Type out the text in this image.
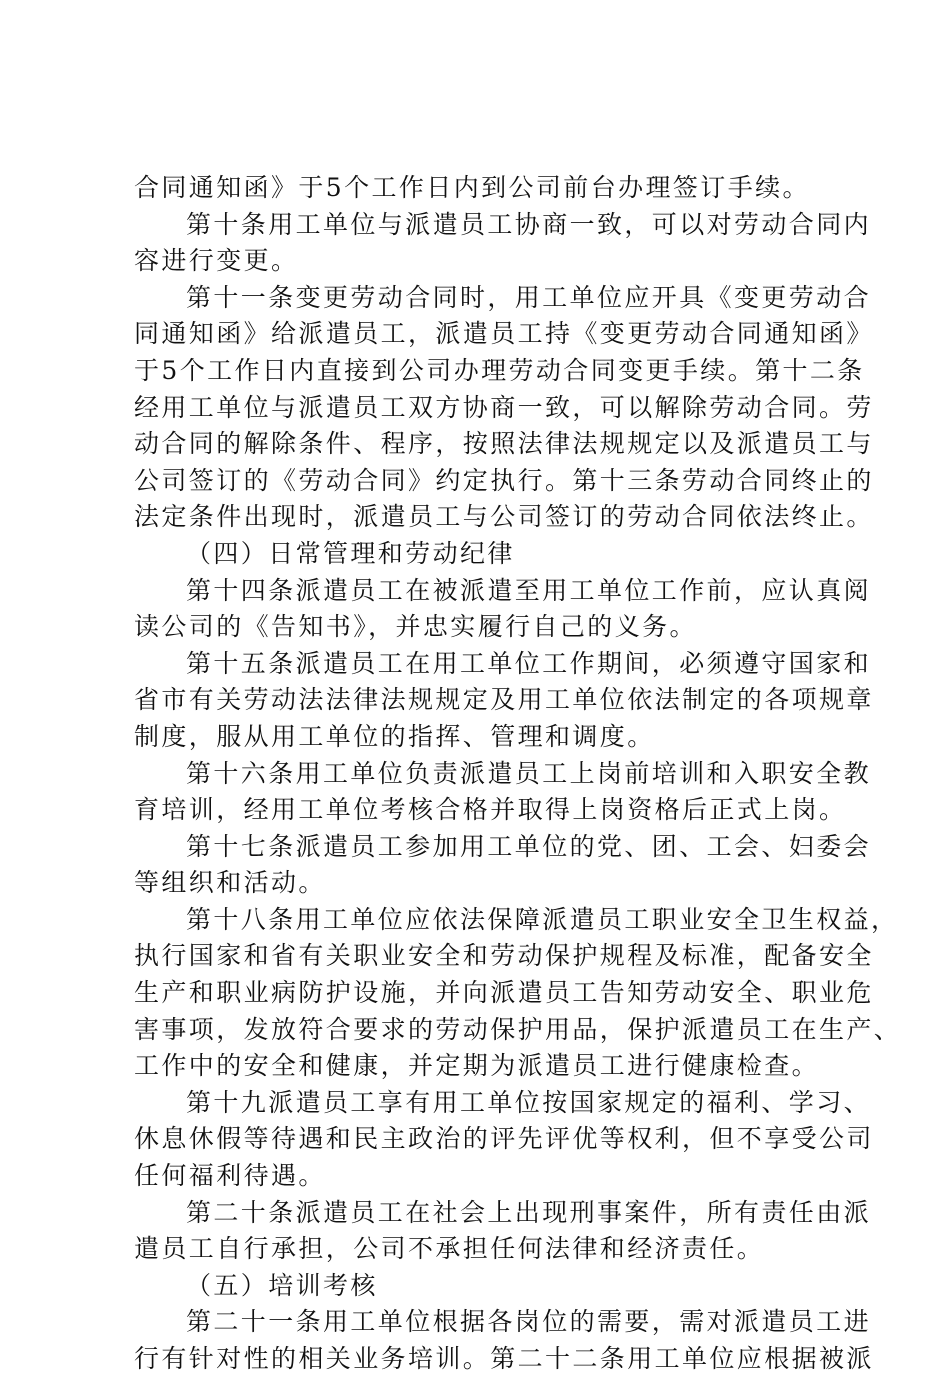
合同通知函》于5个工作日内到公司前台办理签订手续。
第十条用工单位与派遣员工协商一致，可以对劳动合同内
容进行变更。
第十一条变更劳动合同时，用工单位应开具《变更劳动合
同通知函》给派遣员工，派遣员工持《变更劳动合同通知函》
于5个工作日内直接到公司办理劳动合同变更手续。第十二条
经用工单位与派遣员工双方协商一致，可以解除劳动合同。劳
动合同的解除条件、程序，按照法律法规规定以及派遣员工与
公司签订的《劳动合同》约定执行。第十三条劳动合同终止的
法定条件出现时，派遣员工与公司签订的劳动合同依法终止。
（四）日常管理和劳动纪律
第十四条派遣员工在被派遣至用工单位工作前，应认真阅
读公司的《告知书》，并忠实履行自己的义务。
第十五条派遣员工在用工单位工作期间，必须遵守国家和
省市有关劳动法法律法规规定及用工单位依法制定的各项规章
制度，服从用工单位的指挥、管理和调度。
第十六条用工单位负责派遣员工上岗前培训和入职安全教
育培训，经用工单位考核合格并取得上岗资格后正式上岗。
第十七条派遣员工参加用工单位的党、团、工会、妇委会
等组织和活动。
第十八条用工单位应依法保障派遣员工职业安全卫生权益，
执行国家和省有关职业安全和劳动保护规程及标准，配备安全
生产和职业病防护设施，并向派遣员工告知劳动安全、职业危
害事项，发放符合要求的劳动保护用品，保护派遣员工在生产、
工作中的安全和健康，并定期为派遣员工进行健康检查。
第十九派遣员工享有用工单位按国家规定的福利、学习、
休息休假等待遇和民主政治的评先评优等权利，但不享受公司
任何福利待遇。
第二十条派遣员工在社会上出现刑事案件，所有责任由派
遣员工自行承担，公司不承担任何法律和经济责任。
（五）培训考核
第二十一条用工单位根据各岗位的需要，需对派遣员工进
行有针对性的相关业务培训。第二十二条用工单位应根据被派
